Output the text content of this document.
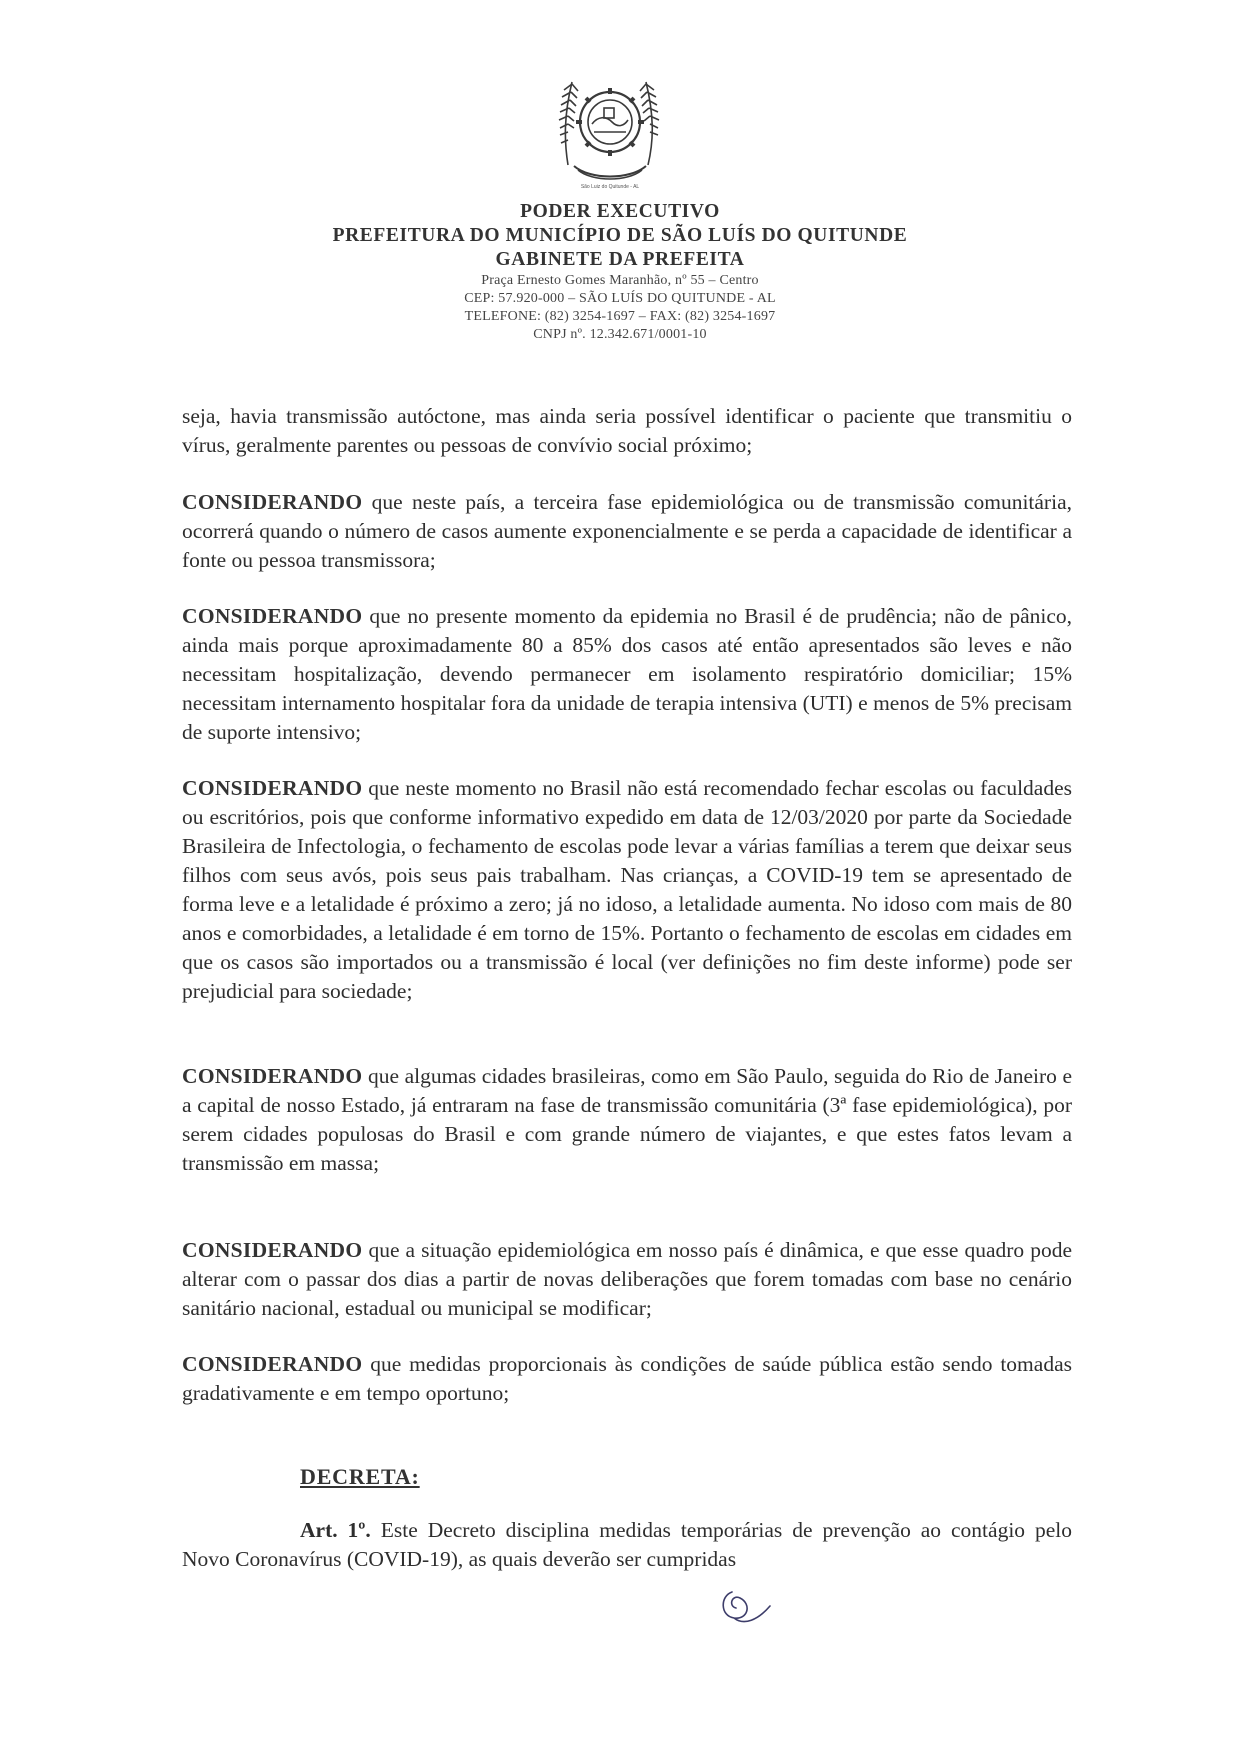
São Luiz do Quitunde - AL
PODER EXECUTIVO
PREFEITURA DO MUNICÍPIO DE SÃO LUÍS DO QUITUNDE
GABINETE DA PREFEITA
Praça Ernesto Gomes Maranhão, nº 55 – Centro
CEP: 57.920-000 – SÃO LUÍS DO QUITUNDE - AL
TELEFONE: (82) 3254-1697 – FAX: (82) 3254-1697
CNPJ nº. 12.342.671/0001-10

seja, havia transmissão autóctone, mas ainda seria possível identificar o paciente que transmitiu o vírus, geralmente parentes ou pessoas de convívio social próximo;

CONSIDERANDO que neste país, a terceira fase epidemiológica ou de transmissão comunitária, ocorrerá quando o número de casos aumente exponencialmente e se perda a capacidade de identificar a fonte ou pessoa transmissora;

CONSIDERANDO que no presente momento da epidemia no Brasil é de prudência; não de pânico, ainda mais porque aproximadamente 80 a 85% dos casos até então apresentados são leves e não necessitam hospitalização, devendo permanecer em isolamento respiratório domiciliar; 15% necessitam internamento hospitalar fora da unidade de terapia intensiva (UTI) e menos de 5% precisam de suporte intensivo;

CONSIDERANDO que neste momento no Brasil não está recomendado fechar escolas ou faculdades ou escritórios, pois que conforme informativo expedido em data de 12/03/2020 por parte da Sociedade Brasileira de Infectologia, o fechamento de escolas pode levar a várias famílias a terem que deixar seus filhos com seus avós, pois seus pais trabalham. Nas crianças, a COVID-19 tem se apresentado de forma leve e a letalidade é próximo a zero; já no idoso, a letalidade aumenta. No idoso com mais de 80 anos e comorbidades, a letalidade é em torno de 15%. Portanto o fechamento de escolas em cidades em que os casos são importados ou a transmissão é local (ver definições no fim deste informe) pode ser prejudicial para sociedade;

CONSIDERANDO que algumas cidades brasileiras, como em São Paulo, seguida do Rio de Janeiro e a capital de nosso Estado, já entraram na fase de transmissão comunitária (3ª fase epidemiológica), por serem cidades populosas do Brasil e com grande número de viajantes, e que estes fatos levam a transmissão em massa;

CONSIDERANDO que a situação epidemiológica em nosso país é dinâmica, e que esse quadro pode alterar com o passar dos dias a partir de novas deliberações que forem tomadas com base no cenário sanitário nacional, estadual ou municipal se modificar;

CONSIDERANDO que medidas proporcionais às condições de saúde pública estão sendo tomadas gradativamente e em tempo oportuno;

DECRETA:
Art. 1º. Este Decreto disciplina medidas temporárias de prevenção ao contágio pelo Novo Coronavírus (COVID-19), as quais deverão ser cumpridas
